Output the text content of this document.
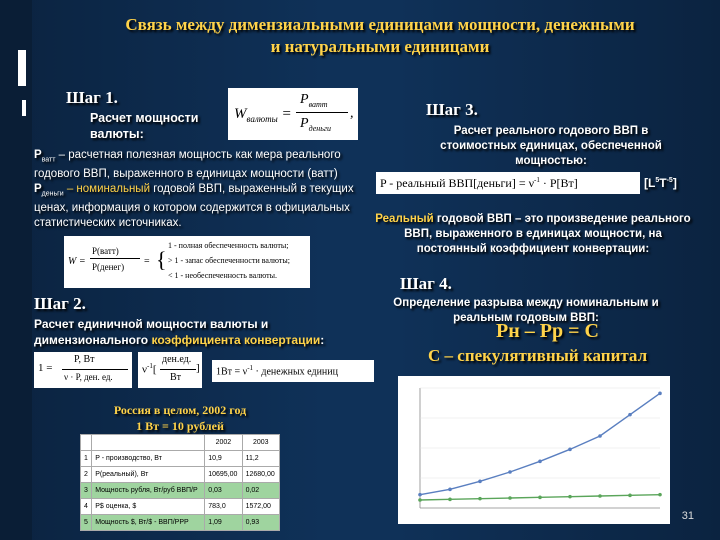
Связь между димензиальными единицами мощности, денежными и натуральными единицами
Шаг 1.
Расчет мощности валюты:
$W_{валюты}$ =
$P_{ватт}$
$P_{деньги}$
,
$Р_{ватт}$ – расчетная полезная мощность как мера реального годового ВВП, выраженного в единицах мощности (ватт)
$Р_{деньги}$ – номинальный годовой ВВП, выраженный в текущих ценах, информация о котором содержится в официальных статистических источниках.
W =
P(ватт)
P(денег) = {
1 - полная обеспеченность валюты;
> 1 - запас обеспеченности валюты;
< 1 - необеспеченность валюты.
Шаг 2.
Расчет единичной мощности валюты и димензионального коэффициента конвертации:
1 =
P, Вт
ν · P, ден. ед.
$\nu^{-1}$[
ден.ед.
Вт
] $1Вт = \nu^{-1}$ · денежных единиц
Россия в целом, 2002 год
1 Вт = 10 рублей
		2002	2003
1	P - производство, Вт	10,9	11,2
2	P(реальный), Вт	10695,00	12680,00
3	Мощность рубля, Вт/руб ВВП/Р	0,03	0,02
4	P$ оценка, $	783,0	1572,00
5	Мощность $, Вт/$ - ВВП/РРР	1,09	0,93
Шаг 3.
Расчет реального годового ВВП в стоимостных единицах, обеспеченной мощностью:
P - реальный ВВП[деньги] = $\nu^{-1} \cdot P[Вт]$	$[L^5T^{-5}]$
Реальный годовой ВВП – это произведение реального ВВП, выраженного в единицах мощности, на постоянный коэффициент конвертации:
Шаг 4.
Определение разрыва между номинальным и реальным годовым ВВП:
Pн – Pр = C
C – спекулятивный капитал
31
